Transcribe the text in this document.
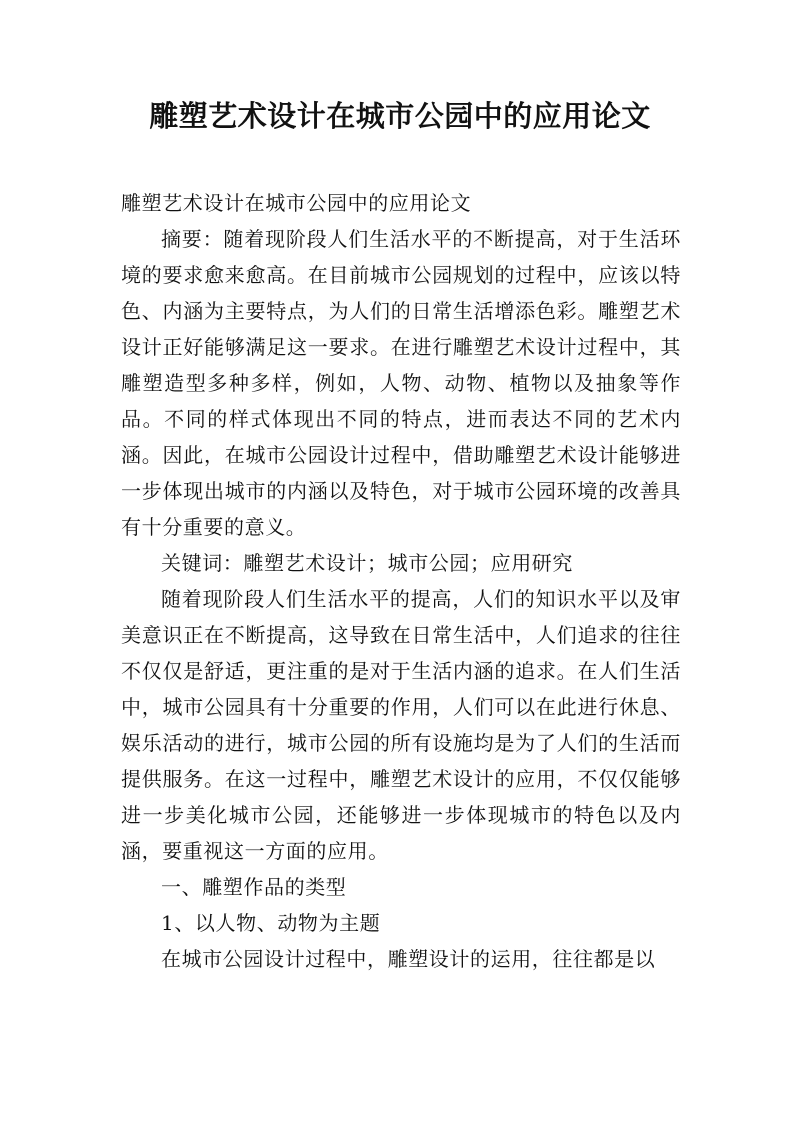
雕塑艺术设计在城市公园中的应用论文

雕塑艺术设计在城市公园中的应用论文

摘要：随着现阶段人们生活水平的不断提高，对于生活环境的要求愈来愈高。在目前城市公园规划的过程中，应该以特色、内涵为主要特点，为人们的日常生活增添色彩。雕塑艺术设计正好能够满足这一要求。在进行雕塑艺术设计过程中，其雕塑造型多种多样，例如，人物、动物、植物以及抽象等作品。不同的样式体现出不同的特点，进而表达不同的艺术内涵。因此，在城市公园设计过程中，借助雕塑艺术设计能够进一步体现出城市的内涵以及特色，对于城市公园环境的改善具有十分重要的意义。

关键词：雕塑艺术设计；城市公园；应用研究

随着现阶段人们生活水平的提高，人们的知识水平以及审美意识正在不断提高，这导致在日常生活中，人们追求的往往不仅仅是舒适，更注重的是对于生活内涵的追求。在人们生活中，城市公园具有十分重要的作用，人们可以在此进行休息、娱乐活动的进行，城市公园的所有设施均是为了人们的生活而提供服务。在这一过程中，雕塑艺术设计的应用，不仅仅能够进一步美化城市公园，还能够进一步体现城市的特色以及内涵，要重视这一方面的应用。

一、雕塑作品的类型

1、以人物、动物为主题

在城市公园设计过程中，雕塑设计的运用，往往都是以
